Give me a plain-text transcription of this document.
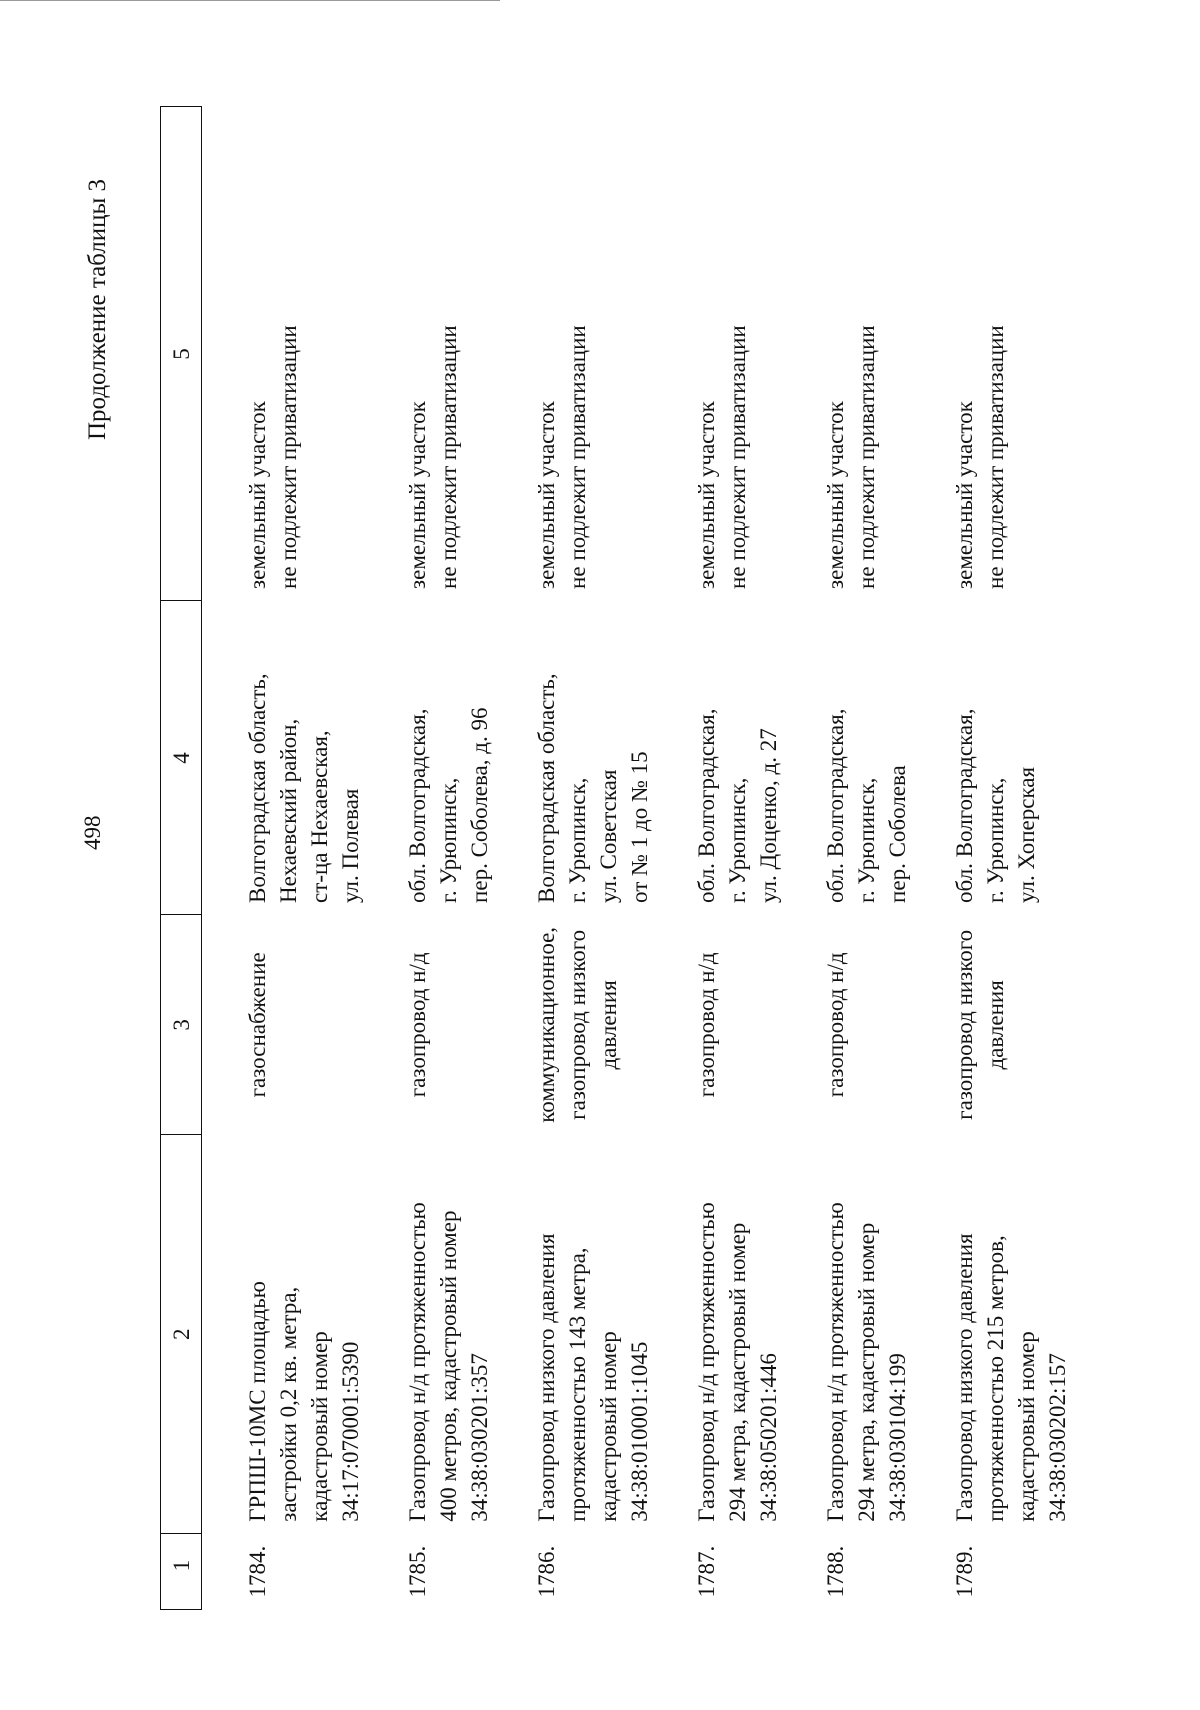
498
Продолжение таблицы 3
1	2	3	4	5
1784.	ГРПШ-10МС площадью застройки 0,2 кв. метра, кадастровый номер 34:17:070001:5390	газоснабжение	Волгоградская область, Нехаевский район, ст-ца Нехаевская, ул. Полевая	земельный участок не подлежит приватизации

1785.	Газопровод н/д протяженностью 400 метров, кадастровый номер 34:38:030201:357	газопровод н/д	обл. Волгоградская, г. Урюпинск, пер. Соболева, д. 96	земельный участок не подлежит приватизации

1786.	Газопровод низкого давления протяженностью 143 метра, кадастровый номер 34:38:010001:1045	коммуникационное, газопровод низкого давления	Волгоградская область, г. Урюпинск, ул. Советская от № 1 до № 15	земельный участок не подлежит приватизации

1787.	Газопровод н/д протяженностью 294 метра, кадастровый номер 34:38:050201:446	газопровод н/д	обл. Волгоградская, г. Урюпинск, ул. Доценко, д. 27	земельный участок не подлежит приватизации

1788.	Газопровод н/д протяженностью 294 метра, кадастровый номер 34:38:030104:199	газопровод н/д	обл. Волгоградская, г. Урюпинск, пер. Соболева	земельный участок не подлежит приватизации

1789.	Газопровод низкого давления протяженностью 215 метров, кадастровый номер 34:38:030202:157	газопровод низкого давления	обл. Волгоградская, г. Урюпинск, ул. Хоперская	земельный участок не подлежит приватизации
